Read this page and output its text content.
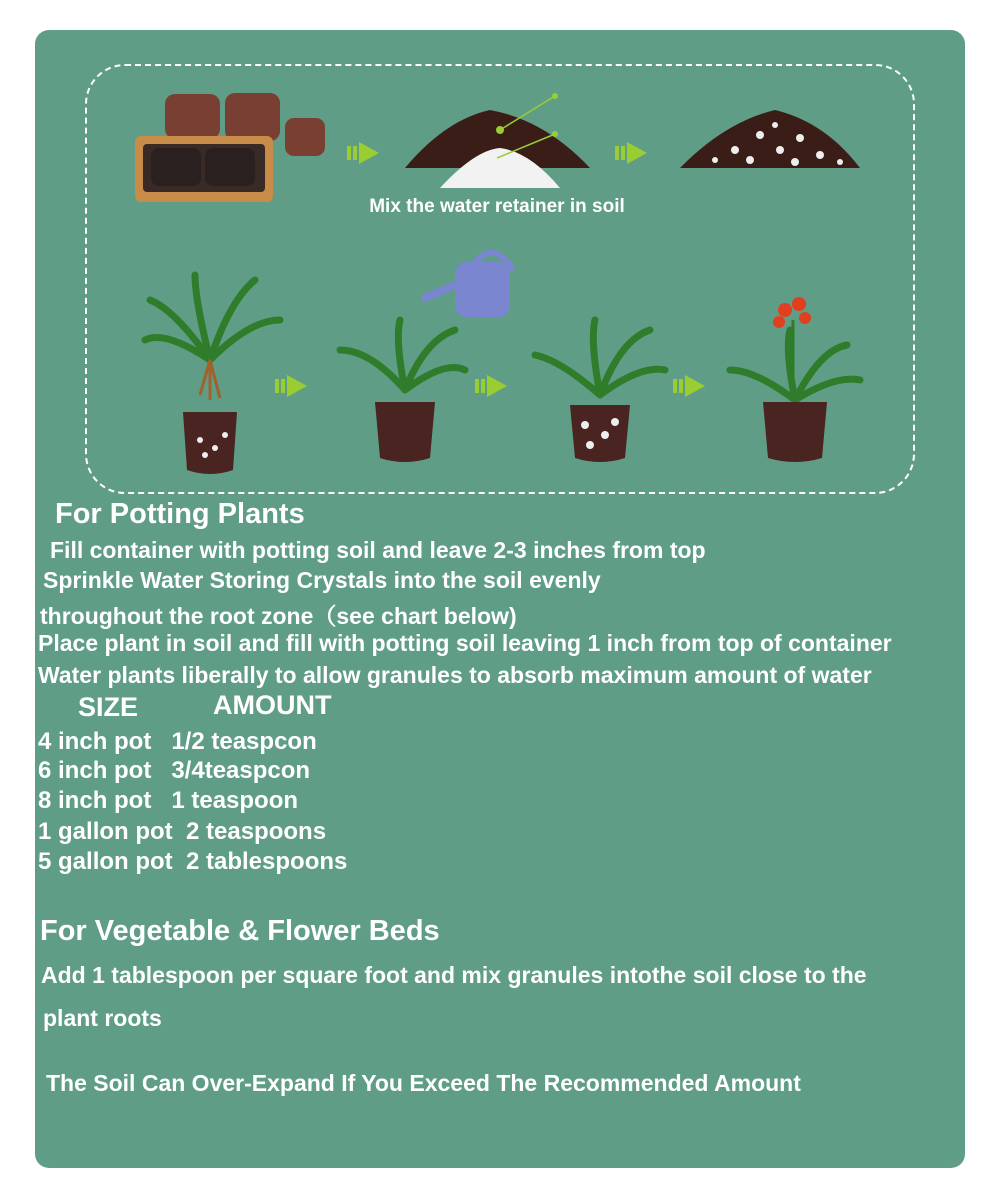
Mix the water retainer in soil
For Potting Plants
Fill container with potting soil and leave 2-3 inches from top
Sprinkle Water Storing Crystals into the soil evenly
throughout the root zone（see chart below)
Place plant in soil and fill with potting soil leaving 1 inch from top of container
Water plants liberally to allow granules to absorb maximum amount of water
SIZE	AMOUNT
4 inch pot   1/2 teaspcon
6 inch pot   3/4teaspcon
8 inch pot   1 teaspoon
1 gallon pot  2 teaspoons
5 gallon pot  2 tablespoons
For Vegetable & Flower Beds
Add 1 tablespoon per square foot and mix granules intothe soil close to the
plant roots
The Soil Can Over-Expand If You Exceed The Recommended Amount
